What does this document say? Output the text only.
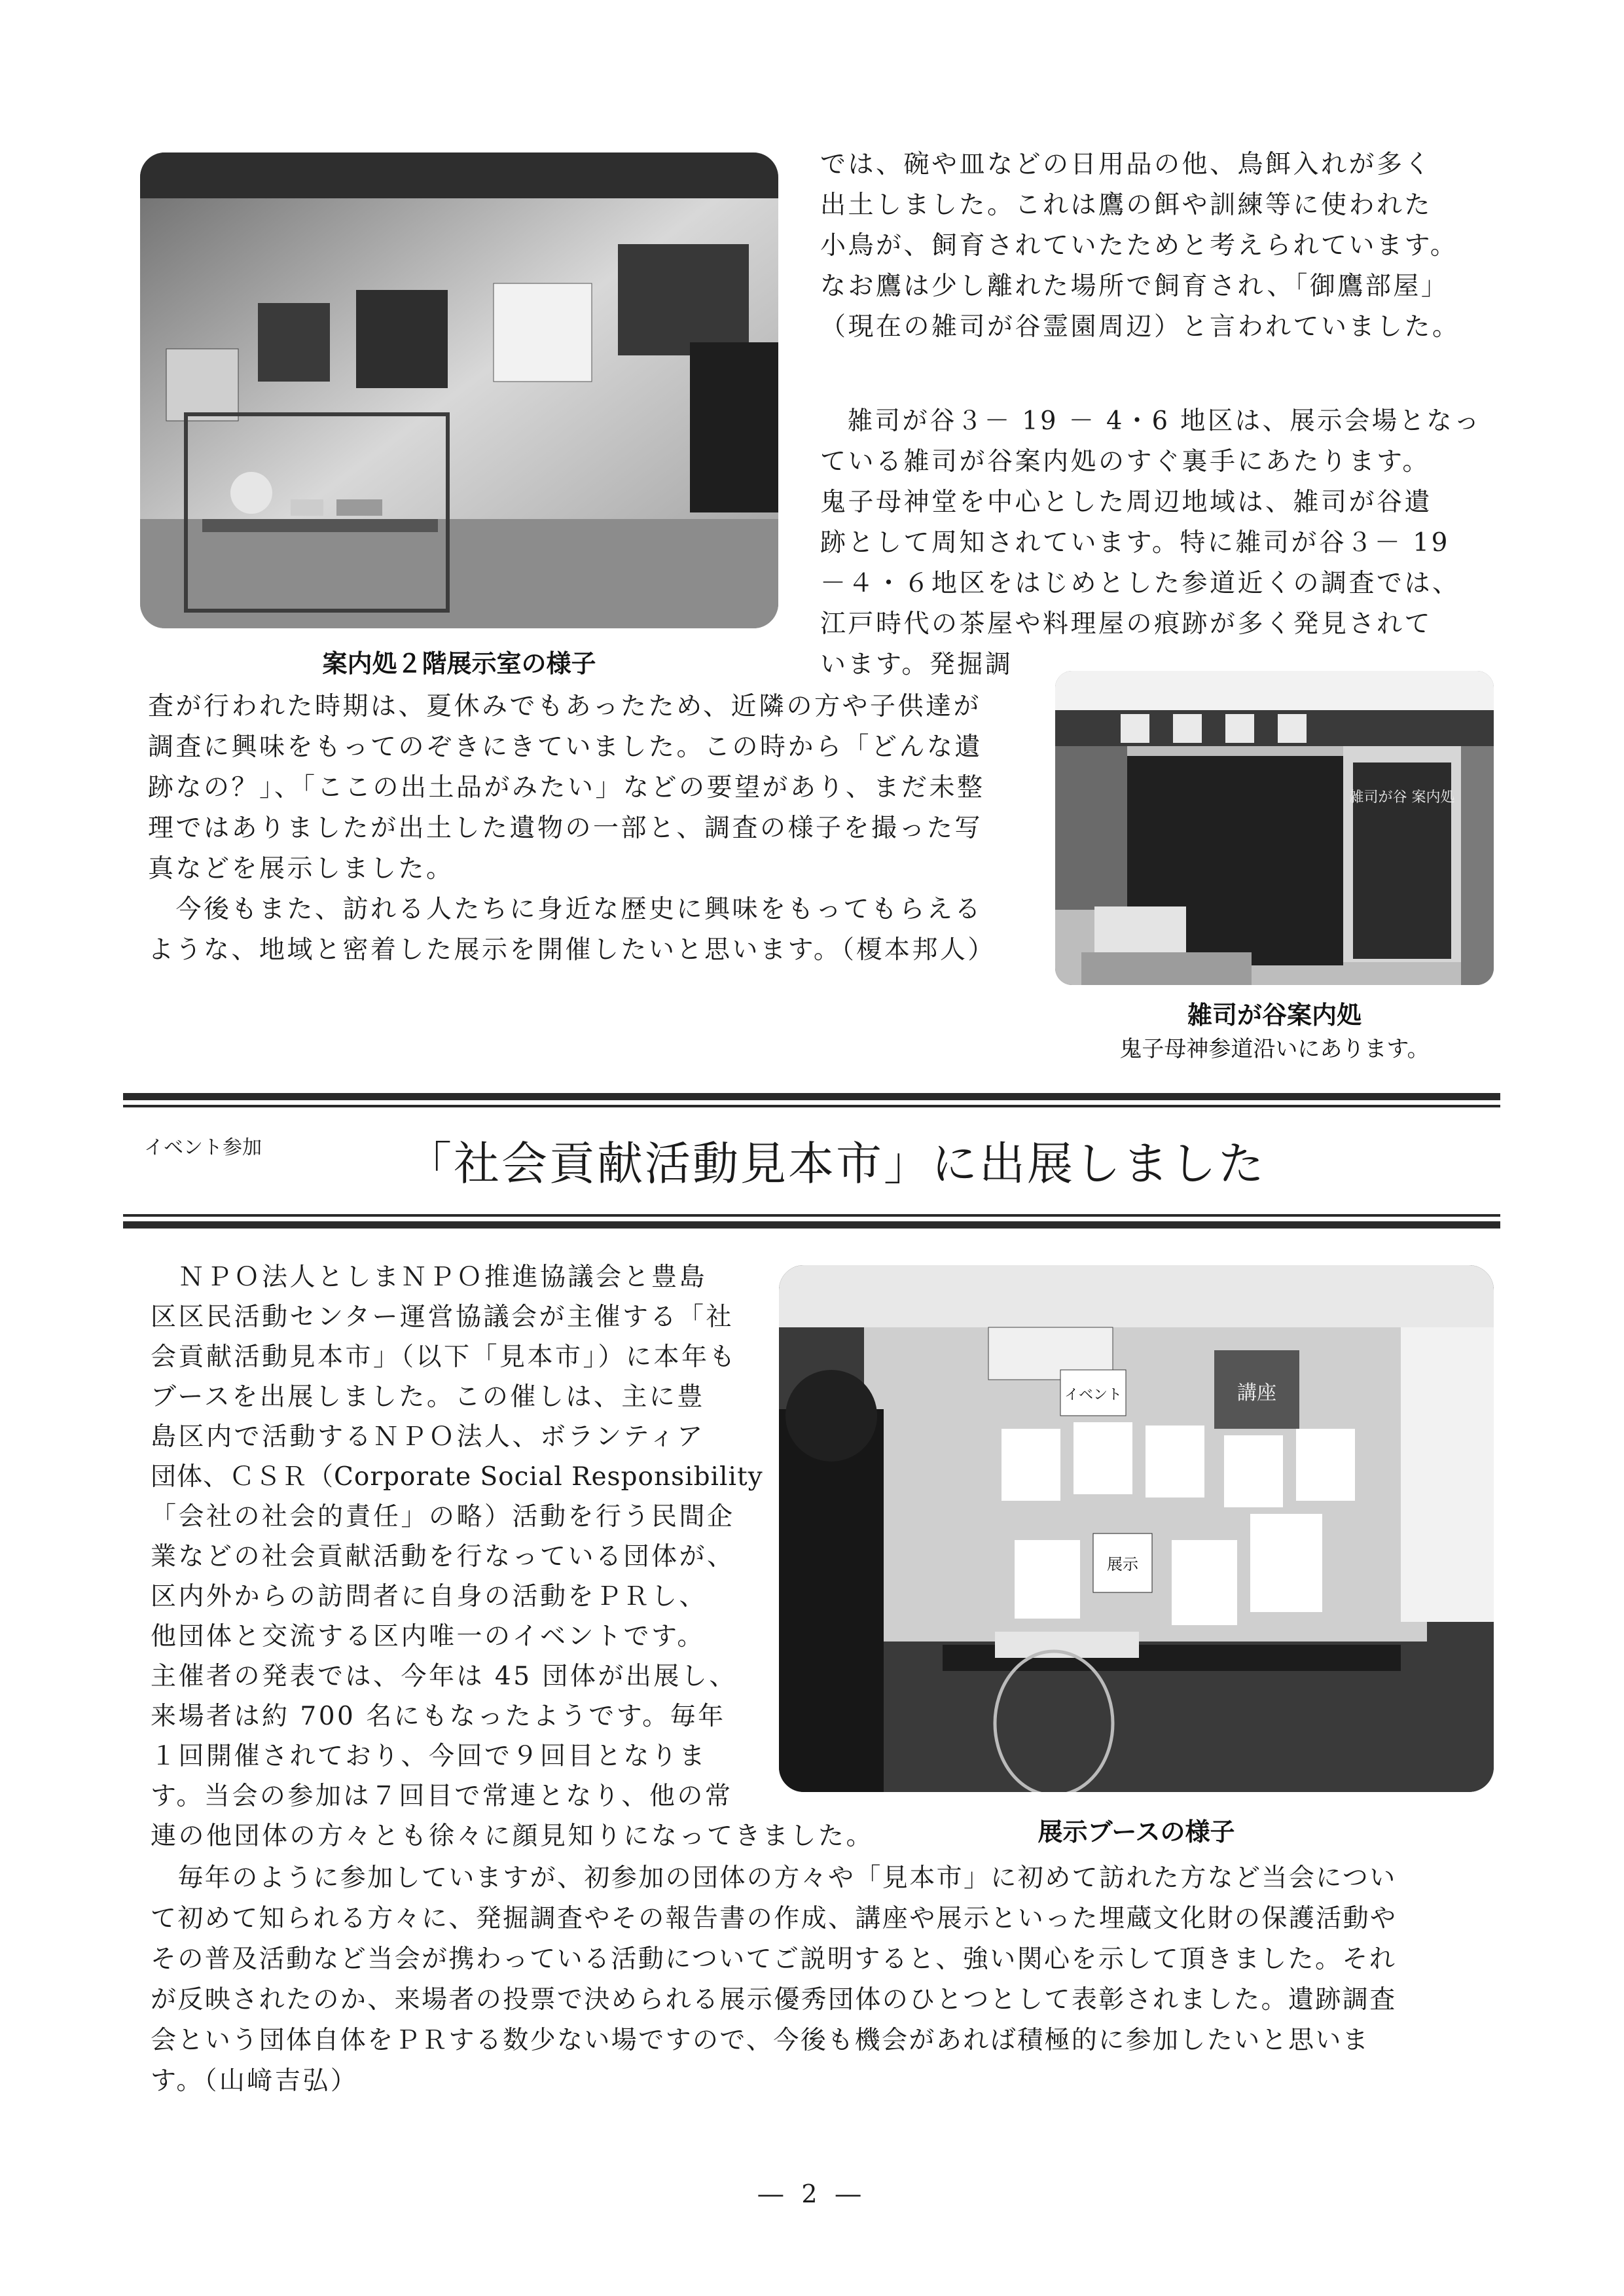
案内処２階展示室の様子
では、碗や皿などの日用品の他、鳥餌入れが多く
出土しました。これは鷹の餌や訓練等に使われた
小鳥が、飼育されていたためと考えられています。
なお鷹は少し離れた場所で飼育され、「御鷹部屋」
（現在の雑司が谷霊園周辺）と言われていました。
　雑司が谷３－ 19 － 4・6 地区は、展示会場となっ
ている雑司が谷案内処のすぐ裏手にあたります。
鬼子母神堂を中心とした周辺地域は、雑司が谷遺
跡として周知されています。特に雑司が谷３－ 19
－４・６地区をはじめとした参道近くの調査では、
江戸時代の茶屋や料理屋の痕跡が多く発見されて
います。発掘調
査が行われた時期は、夏休みでもあったため、近隣の方や子供達が
調査に興味をもってのぞきにきていました。この時から「どんな遺
跡なの？」、「ここの出土品がみたい」などの要望があり、まだ未整
理ではありましたが出土した遺物の一部と、調査の様子を撮った写
真などを展示しました。
　今後もまた、訪れる人たちに身近な歴史に興味をもってもらえる
ような、地域と密着した展示を開催したいと思います。（榎本邦人）
雑司が谷 案内処
雑司が谷案内処
鬼子母神参道沿いにあります。
イベント参加	「社会貢献活動見本市」に出展しました
イベント	講座
展示
展示ブースの様子
　ＮＰＯ法人としまＮＰＯ推進協議会と豊島
区区民活動センター運営協議会が主催する「社
会貢献活動見本市」（以下「見本市」）に本年も
ブースを出展しました。この催しは、主に豊
島区内で活動するＮＰＯ法人、ボランティア
団体、ＣＳＲ（Corporate Social Responsibility
「会社の社会的責任」の略）活動を行う民間企
業などの社会貢献活動を行なっている団体が、
区内外からの訪問者に自身の活動をＰＲし、
他団体と交流する区内唯一のイベントです。
主催者の発表では、今年は 45 団体が出展し、
来場者は約 700 名にもなったようです。毎年
１回開催されており、今回で９回目となりま
す。当会の参加は７回目で常連となり、他の常
連の他団体の方々とも徐々に顔見知りになってきました。
　毎年のように参加していますが、初参加の団体の方々や「見本市」に初めて訪れた方など当会につい
て初めて知られる方々に、発掘調査やその報告書の作成、講座や展示といった埋蔵文化財の保護活動や
その普及活動など当会が携わっている活動についてご説明すると、強い関心を示して頂きました。それ
が反映されたのか、来場者の投票で決められる展示優秀団体のひとつとして表彰されました。遺跡調査
会という団体自体をＰＲする数少ない場ですので、今後も機会があれば積極的に参加したいと思いま
す。（山﨑吉弘）
― 2 ―
